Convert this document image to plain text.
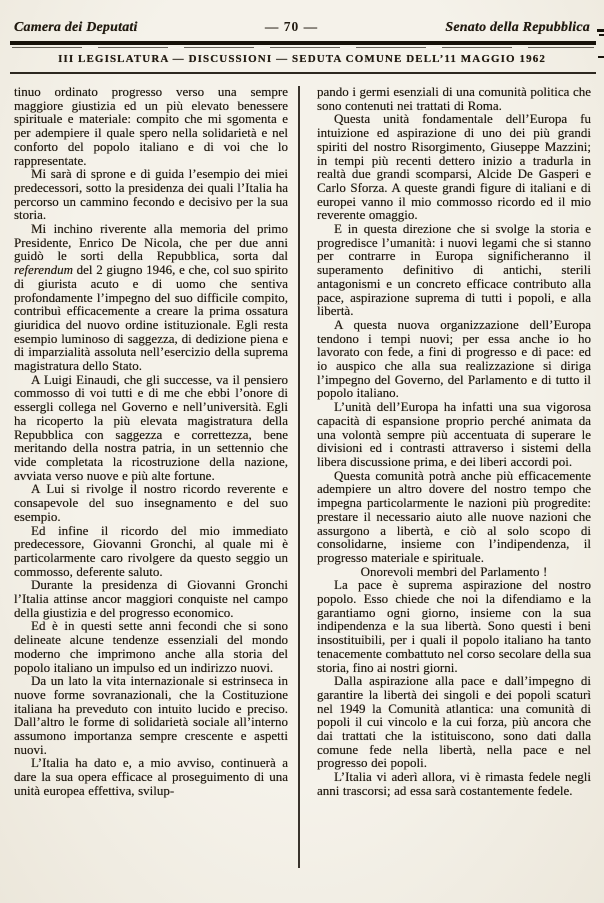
Camera dei Deputati	— 70 —	Senato della Repubblica
III LEGISLATURA — DISCUSSIONI — SEDUTA COMUNE DELL’11 MAGGIO 1962

tinuo ordinato progresso verso una sempre maggiore giustizia ed un più elevato benessere spirituale e materiale: compito che mi sgomenta e per adempiere il quale spero nella solidarietà e nel conforto del popolo italiano e di voi che lo rappresentate.

Mi sarà di sprone e di guida l’esempio dei miei predecessori, sotto la presidenza dei quali l’Italia ha percorso un cammino fecondo e decisivo per la sua storia.

Mi inchino riverente alla memoria del primo Presidente, Enrico De Nicola, che per due anni guidò le sorti della Repubblica, sorta dal referendum del 2 giugno 1946, e che, col suo spirito di giurista acuto e di uomo che sentiva profondamente l’impegno del suo difficile compito, contribuì efficacemente a creare la prima ossatura giuridica del nuovo ordine istituzionale. Egli resta esempio luminoso di saggezza, di dedizione piena e di imparzialità assoluta nell’esercizio della suprema magistratura dello Stato.

A Luigi Einaudi, che gli successe, va il pensiero commosso di voi tutti e di me che ebbi l’onore di essergli collega nel Governo e nell’università. Egli ha ricoperto la più elevata magistratura della Repubblica con saggezza e correttezza, bene meritando della nostra patria, in un settennio che vide completata la ricostruzione della nazione, avviata verso nuove e più alte fortune.

A Lui si rivolge il nostro ricordo reverente e consapevole del suo insegnamento e del suo esempio.

Ed infine il ricordo del mio immediato predecessore, Giovanni Gronchi, al quale mi è particolarmente caro rivolgere da questo seggio un commosso, deferente saluto.

Durante la presidenza di Giovanni Gronchi l’Italia attinse ancor maggiori conquiste nel campo della giustizia e del progresso economico.

Ed è in questi sette anni fecondi che si sono delineate alcune tendenze essenziali del mondo moderno che imprimono anche alla storia del popolo italiano un impulso ed un indirizzo nuovi.

Da un lato la vita internazionale si estrinseca in nuove forme sovranazionali, che la Costituzione italiana ha preveduto con intuito lucido e preciso. Dall’altro le forme di solidarietà sociale all’interno assumono importanza sempre crescente e aspetti nuovi.

L’Italia ha dato e, a mio avviso, continuerà a dare la sua opera efficace al proseguimento di una unità europea effettiva, svilup-

pando i germi esenziali di una comunità politica che sono contenuti nei trattati di Roma.

Questa unità fondamentale dell’Europa fu intuizione ed aspirazione di uno dei più grandi spiriti del nostro Risorgimento, Giuseppe Mazzini; in tempi più recenti dettero inizio a tradurla in realtà due grandi scomparsi, Alcide De Gasperi e Carlo Sforza. A queste grandi figure di italiani e di europei vanno il mio commosso ricordo ed il mio reverente omaggio.

E in questa direzione che si svolge la storia e progredisce l’umanità: i nuovi legami che si stanno per contrarre in Europa significheranno il superamento definitivo di antichi, sterili antagonismi e un concreto efficace contributo alla pace, aspirazione suprema di tutti i popoli, e alla libertà.

A questa nuova organizzazione dell’Europa tendono i tempi nuovi; per essa anche io ho lavorato con fede, a fini di progresso e di pace: ed io auspico che alla sua realizzazione si diriga l’impegno del Governo, del Parlamento e di tutto il popolo italiano.

L’unità dell’Europa ha infatti una sua vigorosa capacità di espansione proprio perché animata da una volontà sempre più accentuata di superare le divisioni ed i contrasti attraverso i sistemi della libera discussione prima, e dei liberi accordi poi.

Questa comunità potrà anche più efficacemente adempiere un altro dovere del nostro tempo che impegna particolarmente le nazioni più progredite: prestare il necessario aiuto alle nuove nazioni che assurgono a libertà, e ciò al solo scopo di consolidarne, insieme con l’indipendenza, il progresso materiale e spirituale.

Onorevoli membri del Parlamento !

La pace è suprema aspirazione del nostro popolo. Esso chiede che noi la difendiamo e la garantiamo ogni giorno, insieme con la sua indipendenza e la sua libertà. Sono questi i beni insostituibili, per i quali il popolo italiano ha tanto tenacemente combattuto nel corso secolare della sua storia, fino ai nostri giorni.

Dalla aspirazione alla pace e dall’impegno di garantire la libertà dei singoli e dei popoli scaturì nel 1949 la Comunità atlantica: una comunità di popoli il cui vincolo e la cui forza, più ancora che dai trattati che la istituiscono, sono dati dalla comune fede nella libertà, nella pace e nel progresso dei popoli.

L’Italia vi aderì allora, vi è rimasta fedele negli anni trascorsi; ad essa sarà costantemente fedele.
